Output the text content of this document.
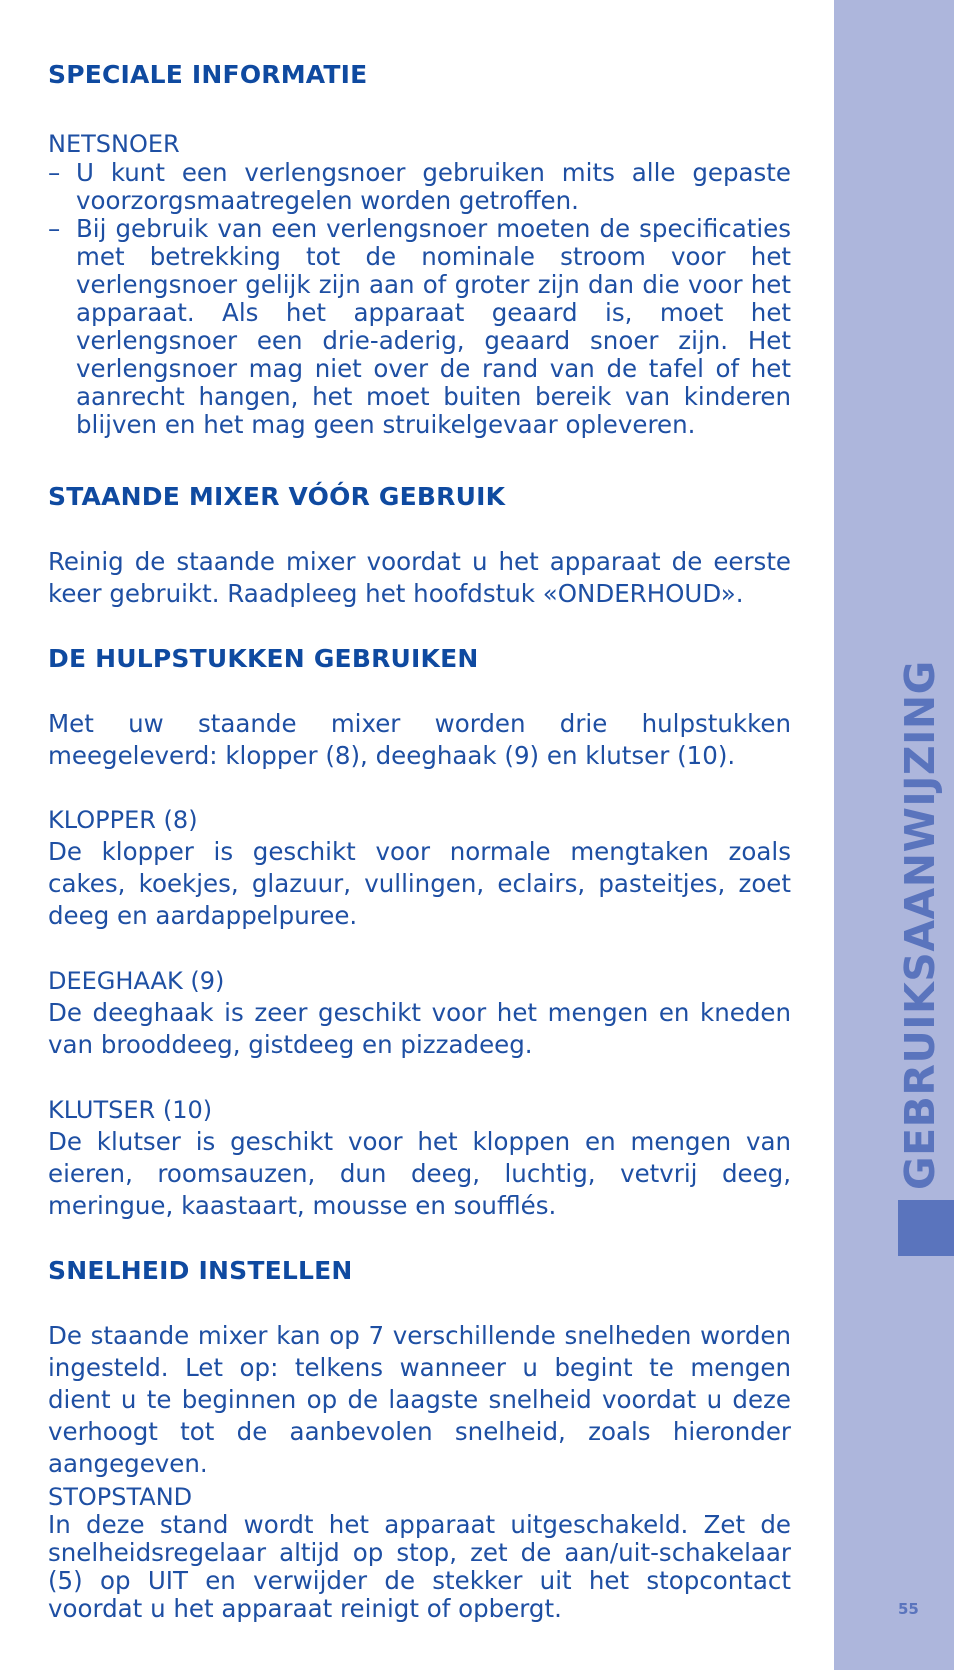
SPECIALE INFORMATIE
NETSNOER
– U kunt een verlengsnoer gebruiken mits alle gepaste voorzorgsmaatregelen worden getroffen.
– Bij gebruik van een verlengsnoer moeten de specificaties met betrekking tot de nominale stroom voor het verlengsnoer gelijk zijn aan of groter zijn dan die voor het apparaat. Als het apparaat geaard is, moet het verlengsnoer een drie-aderig, geaard snoer zijn. Het verlengsnoer mag niet over de rand van de tafel of het aanrecht hangen, het moet buiten bereik van kinderen blijven en het mag geen struikelgevaar opleveren.
STAANDE MIXER VÓÓR GEBRUIK

Reinig de staande mixer voordat u het apparaat de eerste keer gebruikt. Raadpleeg het hoofdstuk «ONDERHOUD».

DE HULPSTUKKEN GEBRUIKEN

Met uw staande mixer worden drie hulpstukken meegeleverd: klopper (8), deeghaak (9) en klutser (10).

KLOPPER (8)

De klopper is geschikt voor normale mengtaken zoals cakes, koekjes, glazuur, vullingen, eclairs, pasteitjes, zoet deeg en aardappelpuree.

DEEGHAAK (9)

De deeghaak is zeer geschikt voor het mengen en kneden van brooddeeg, gistdeeg en pizzadeeg.

KLUTSER (10)

De klutser is geschikt voor het kloppen en mengen van eieren, roomsauzen, dun deeg, luchtig, vetvrij deeg, meringue, kaastaart, mousse en soufflés.

SNELHEID INSTELLEN

De staande mixer kan op 7 verschillende snelheden worden ingesteld. Let op: telkens wanneer u begint te mengen dient u te beginnen op de laagste snelheid voordat u deze verhoogt tot de aanbevolen snelheid, zoals hieronder aangegeven.

STOPSTAND

In deze stand wordt het apparaat uitgeschakeld. Zet de snelheidsregelaar altijd op stop, zet de aan/uit-schakelaar (5) op UIT en verwijder de stekker uit het stopcontact voordat u het apparaat reinigt of opbergt.

GEBRUIKSAANWIJZING
55
